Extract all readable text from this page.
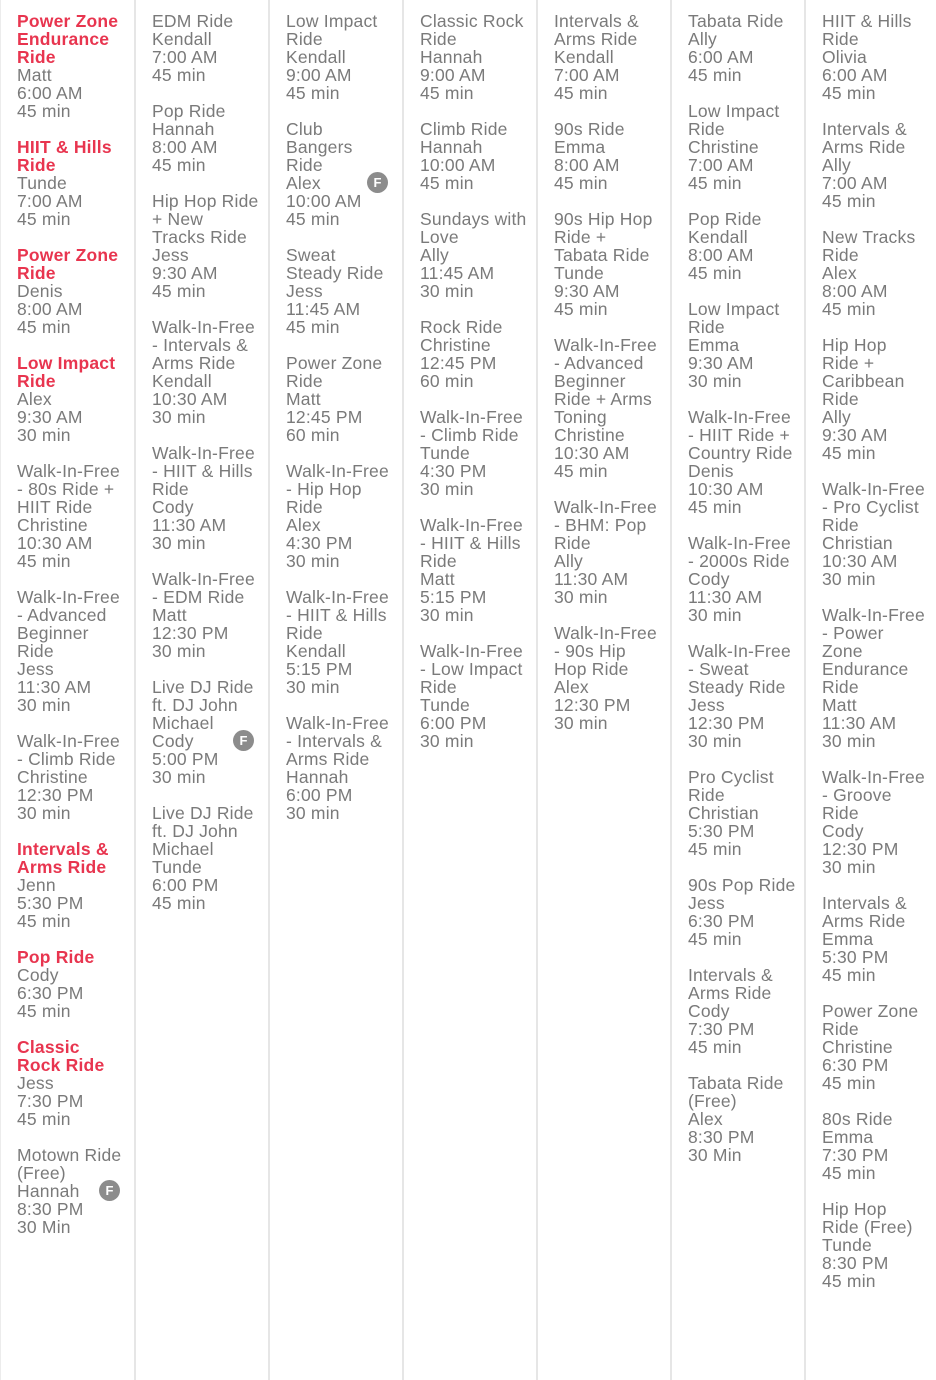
Power Zone Endurance Ride
Matt
6:00 AM
45 min
HIIT & Hills Ride
Tunde
7:00 AM
45 min
Power Zone Ride
Denis
8:00 AM
45 min
Low Impact Ride
Alex
9:30 AM
30 min
Walk-In-Free - 80s Ride + HIIT Ride
Christine
10:30 AM
45 min
Walk-In-Free - Advanced Beginner Ride
Jess
11:30 AM
30 min
Walk-In-Free - Climb Ride
Christine
12:30 PM
30 min
Intervals & Arms Ride
Jenn
5:30 PM
45 min
Pop Ride
Cody
6:30 PM
45 min
Classic Rock Ride
Jess
7:30 PM
45 min
Motown Ride (Free)
Hannah
8:30 PM
30 Min
F
EDM Ride
Kendall
7:00 AM
45 min
Pop Ride
Hannah
8:00 AM
45 min
Hip Hop Ride + New Tracks Ride
Jess
9:30 AM
45 min
Walk-In-Free - Intervals & Arms Ride
Kendall
10:30 AM
30 min
Walk-In-Free - HIIT & Hills Ride
Cody
11:30 AM
30 min
Walk-In-Free - EDM Ride
Matt
12:30 PM
30 min
Live DJ Ride ft. DJ John Michael
Cody
5:00 PM
30 min
F
Live DJ Ride ft. DJ John Michael
Tunde
6:00 PM
45 min
Low Impact Ride
Kendall
9:00 AM
45 min
Club Bangers Ride
Alex
10:00 AM
45 min
F
Sweat Steady Ride
Jess
11:45 AM
45 min
Power Zone Ride
Matt
12:45 PM
60 min
Walk-In-Free - Hip Hop Ride
Alex
4:30 PM
30 min
Walk-In-Free - HIIT & Hills Ride
Kendall
5:15 PM
30 min
Walk-In-Free - Intervals & Arms Ride
Hannah
6:00 PM
30 min
Classic Rock Ride
Hannah
9:00 AM
45 min
Climb Ride
Hannah
10:00 AM
45 min
Sundays with Love
Ally
11:45 AM
30 min
Rock Ride
Christine
12:45 PM
60 min
Walk-In-Free - Climb Ride
Tunde
4:30 PM
30 min
Walk-In-Free - HIIT & Hills Ride
Matt
5:15 PM
30 min
Walk-In-Free - Low Impact Ride
Tunde
6:00 PM
30 min
Intervals & Arms Ride
Kendall
7:00 AM
45 min
90s Ride
Emma
8:00 AM
45 min
90s Hip Hop Ride + Tabata Ride
Tunde
9:30 AM
45 min
Walk-In-Free - Advanced Beginner Ride + Arms Toning
Christine
10:30 AM
45 min
Walk-In-Free - BHM: Pop Ride
Ally
11:30 AM
30 min
Walk-In-Free - 90s Hip Hop Ride
Alex
12:30 PM
30 min
Tabata Ride
Ally
6:00 AM
45 min
Low Impact Ride
Christine
7:00 AM
45 min
Pop Ride
Kendall
8:00 AM
45 min
Low Impact Ride
Emma
9:30 AM
30 min
Walk-In-Free - HIIT Ride + Country Ride
Denis
10:30 AM
45 min
Walk-In-Free - 2000s Ride
Cody
11:30 AM
30 min
Walk-In-Free - Sweat Steady Ride
Jess
12:30 PM
30 min
Pro Cyclist Ride
Christian
5:30 PM
45 min
90s Pop Ride
Jess
6:30 PM
45 min
Intervals & Arms Ride
Cody
7:30 PM
45 min
Tabata Ride (Free)
Alex
8:30 PM
30 Min
HIIT & Hills Ride
Olivia
6:00 AM
45 min
Intervals & Arms Ride
Ally
7:00 AM
45 min
New Tracks Ride
Alex
8:00 AM
45 min
Hip Hop Ride + Caribbean Ride
Ally
9:30 AM
45 min
Walk-In-Free - Pro Cyclist Ride
Christian
10:30 AM
30 min
Walk-In-Free - Power Zone Endurance Ride
Matt
11:30 AM
30 min
Walk-In-Free - Groove Ride
Cody
12:30 PM
30 min
Intervals & Arms Ride
Emma
5:30 PM
45 min
Power Zone Ride
Christine
6:30 PM
45 min
80s Ride
Emma
7:30 PM
45 min
Hip Hop Ride (Free)
Tunde
8:30 PM
45 min
